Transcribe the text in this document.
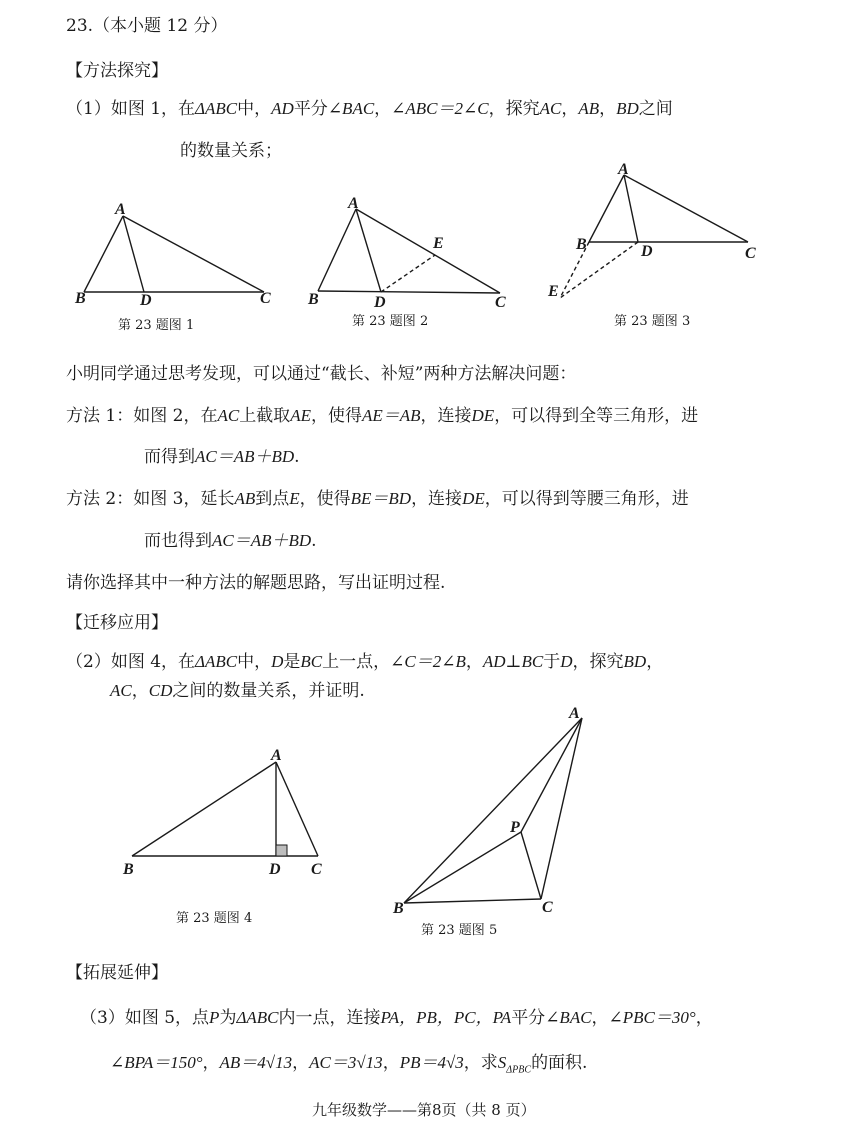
23.（本小题 12 分）
【方法探究】
（1）如图 1，在ΔABC中，AD平分∠BAC，∠ABC＝2∠C，探究AC，AB，BD之间
的数量关系；
A
B	D	C
第 23 题图 1
A
E
B	D	C
第 23 题图 2
A
B	D	C
E
第 23 题图 3
小明同学通过思考发现，可以通过“截长、补短”两种方法解决问题：
方法 1：如图 2，在AC上截取AE，使得AE＝AB，连接DE，可以得到全等三角形，进
而得到AC＝AB＋BD.
方法 2：如图 3，延长AB到点E，使得BE＝BD，连接DE，可以得到等腰三角形，进
而也得到AC＝AB＋BD.
请你选择其中一种方法的解题思路，写出证明过程.
【迁移应用】
（2）如图 4，在ΔABC中，D是BC上一点，∠C＝2∠B，AD⊥BC于D，探究BD，
AC，CD之间的数量关系，并证明.
A
B	D C
第 23 题图 4
A
P
B	C
第 23 题图 5
【拓展延伸】
（3）如图 5，点P为ΔABC内一点，连接PA，PB，PC，PA平分∠BAC，∠PBC＝30°，
∠BPA＝150°，AB＝4√13，AC＝3√13，PB＝4√3，求$S_{\Delta PBC}$的面积.
九年级数学——第8页（共 8 页）
